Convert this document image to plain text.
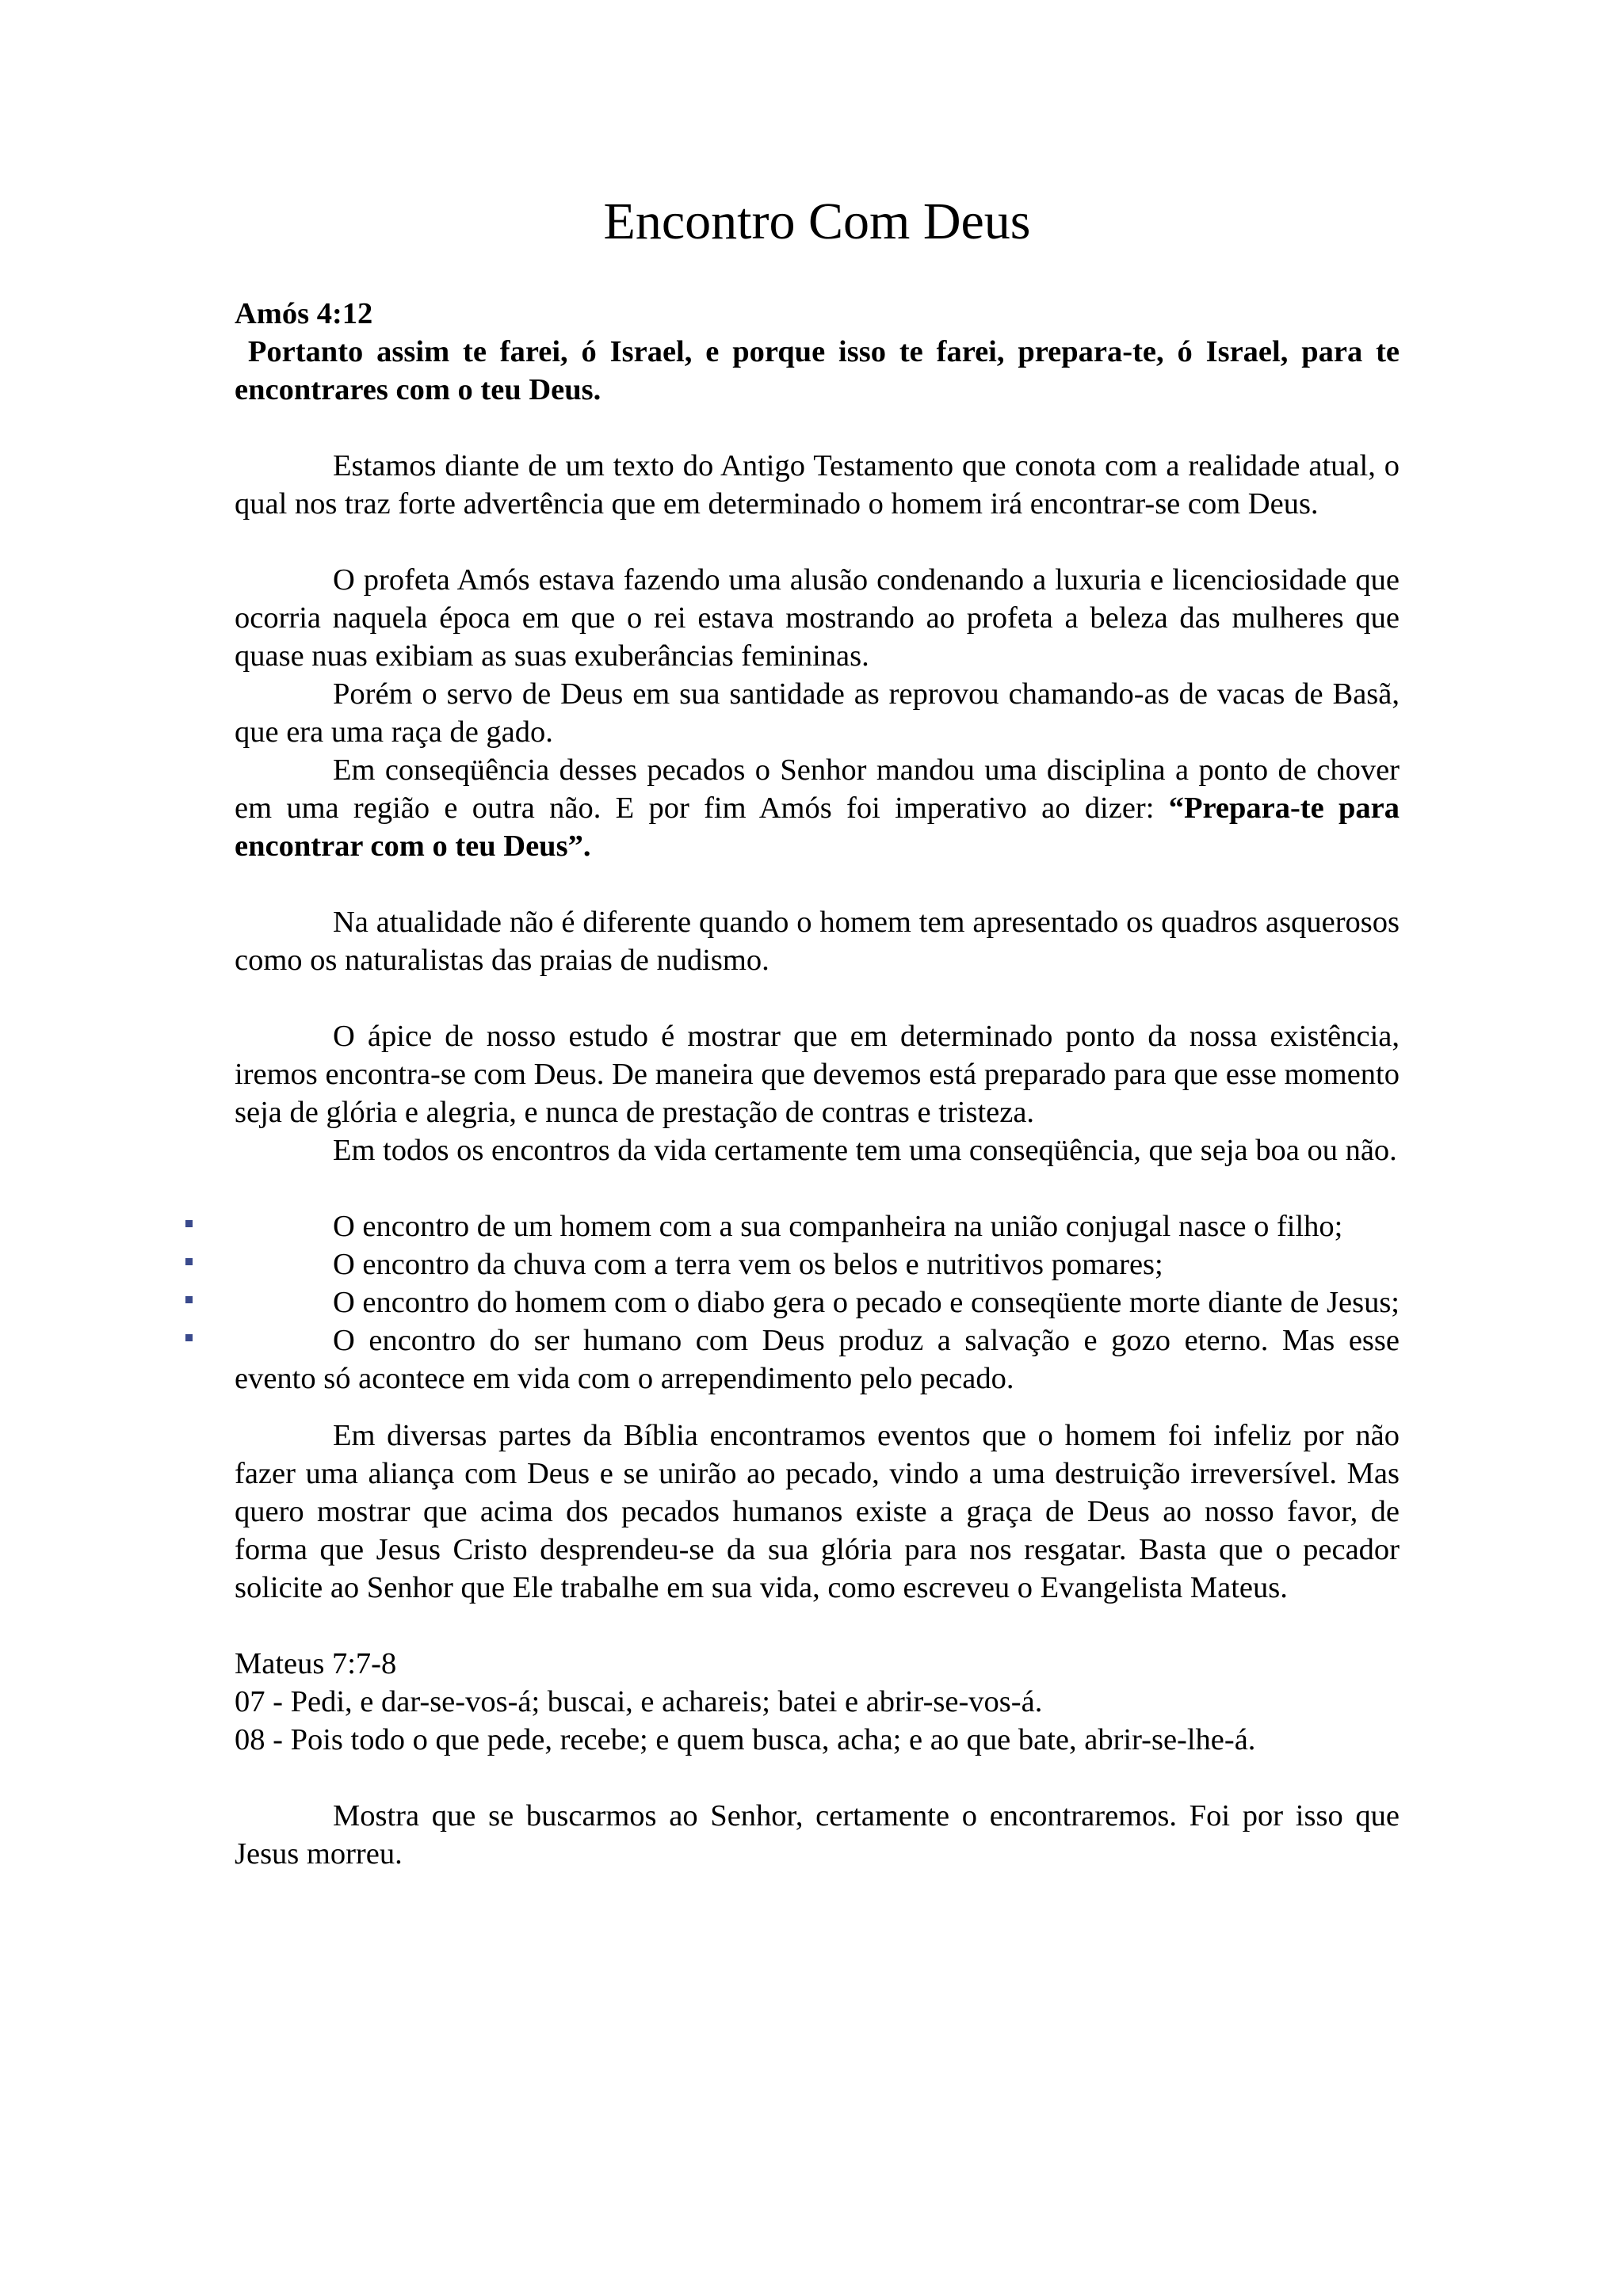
Encontro Com Deus

Amós 4:12

Portanto assim te farei, ó Israel, e porque isso te farei, prepara-te, ó Israel, para te encontrares com o teu Deus.

Estamos diante de um texto do Antigo Testamento que conota com a realidade atual, o qual nos traz forte advertência que em determinado o homem irá encontrar-se com Deus.

O profeta Amós estava fazendo uma alusão condenando a luxuria e licenciosidade que ocorria naquela época em que o rei estava mostrando ao profeta a beleza das mulheres que quase nuas exibiam as suas exuberâncias femininas.

Porém o servo de Deus em sua santidade as reprovou chamando-as de vacas de Basã, que era uma raça de gado.

Em conseqüência desses pecados o Senhor mandou uma disciplina a ponto de chover em uma região e outra não. E por fim Amós foi imperativo ao dizer: “Prepara-te para encontrar com o teu Deus”.

Na atualidade não é diferente quando o homem tem apresentado os quadros asquerosos como os naturalistas das praias de nudismo.

O ápice de nosso estudo é mostrar que em determinado ponto da nossa existência, iremos encontra-se com Deus. De maneira que devemos está preparado para que esse momento seja de glória e alegria, e nunca de prestação de contras e tristeza.

Em todos os encontros da vida certamente tem uma conseqüência, que seja boa ou não.

O encontro de um homem com a sua companheira na união conjugal nasce o filho;

O encontro da chuva com a terra vem os belos e nutritivos pomares;

O encontro do homem com o diabo gera o pecado e conseqüente morte diante de Jesus;

O encontro do ser humano com Deus produz a salvação e gozo eterno. Mas esse evento só acontece em vida com o arrependimento pelo pecado.

Em diversas partes da Bíblia encontramos eventos que o homem foi infeliz por não fazer uma aliança com Deus e se unirão ao pecado, vindo a uma destruição irreversível. Mas quero mostrar que acima dos pecados humanos existe a graça de Deus ao nosso favor, de forma que Jesus Cristo desprendeu-se da sua glória para nos resgatar. Basta que o pecador solicite ao Senhor que Ele trabalhe em sua vida, como escreveu o Evangelista Mateus.

Mateus 7:7-8

07 - Pedi, e dar-se-vos-á; buscai, e achareis; batei e abrir-se-vos-á.

08 - Pois todo o que pede, recebe; e quem busca, acha; e ao que bate, abrir-se-lhe-á.

Mostra que se buscarmos ao Senhor, certamente o encontraremos. Foi por isso que Jesus morreu.
